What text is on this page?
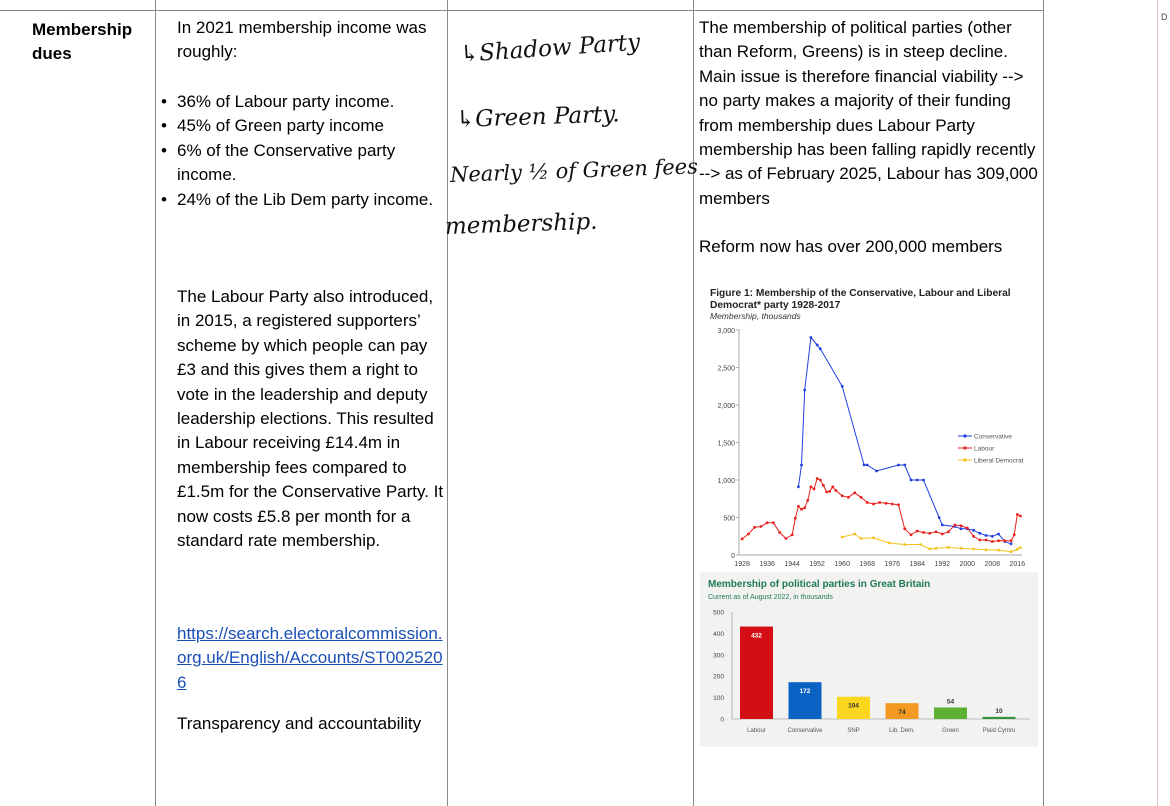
D
Membership dues
In 2021 membership income was roughly:
• 36% of Labour party income.
• 45% of Green party income
• 6% of the Conservative party income.
• 24% of the Lib Dem party income.
The Labour Party also introduced, in 2015, a registered supporters’ scheme by which people can pay £3 and this gives them a right to vote in the leadership and deputy leadership elections. This resulted in Labour receiving £14.4m in membership fees compared to £1.5m for the Conservative Party. It now costs £5.8 per month for a standard rate membership.
https://search.electoralcommission.org.uk/English/Accounts/ST0025206
Transparency and accountability
↳Shadow Party
↳Green Party.
Nearly ½ of Green fees
membership.

The membership of political parties (other than Reform, Greens) is in steep decline. Main issue is therefore financial viability --> no party makes a majority of their funding from membership dues Labour Party membership has been falling rapidly recently --> as of February 2025, Labour has 309,000 members

Reform now has over 200,000 members

Figure 1: Membership of the Conservative, Labour and Liberal
Democrat* party 1928-2017
Membership, thousands
3,000
2,500
2,000
1,500
1,000
500
0
1928 1936 1944 1952 1960 1968 1976 1984 1992 2000 2008 2016
Conservative
Labour
Liberal Democrat
Membership of political parties in Great Britain
Current as of August 2022, in thousands
500
400
300
200
100
0
432
Labour
172
Conservative
104
SNP
74
Lib. Dem.
54
Green
10
Plaid Cymru
